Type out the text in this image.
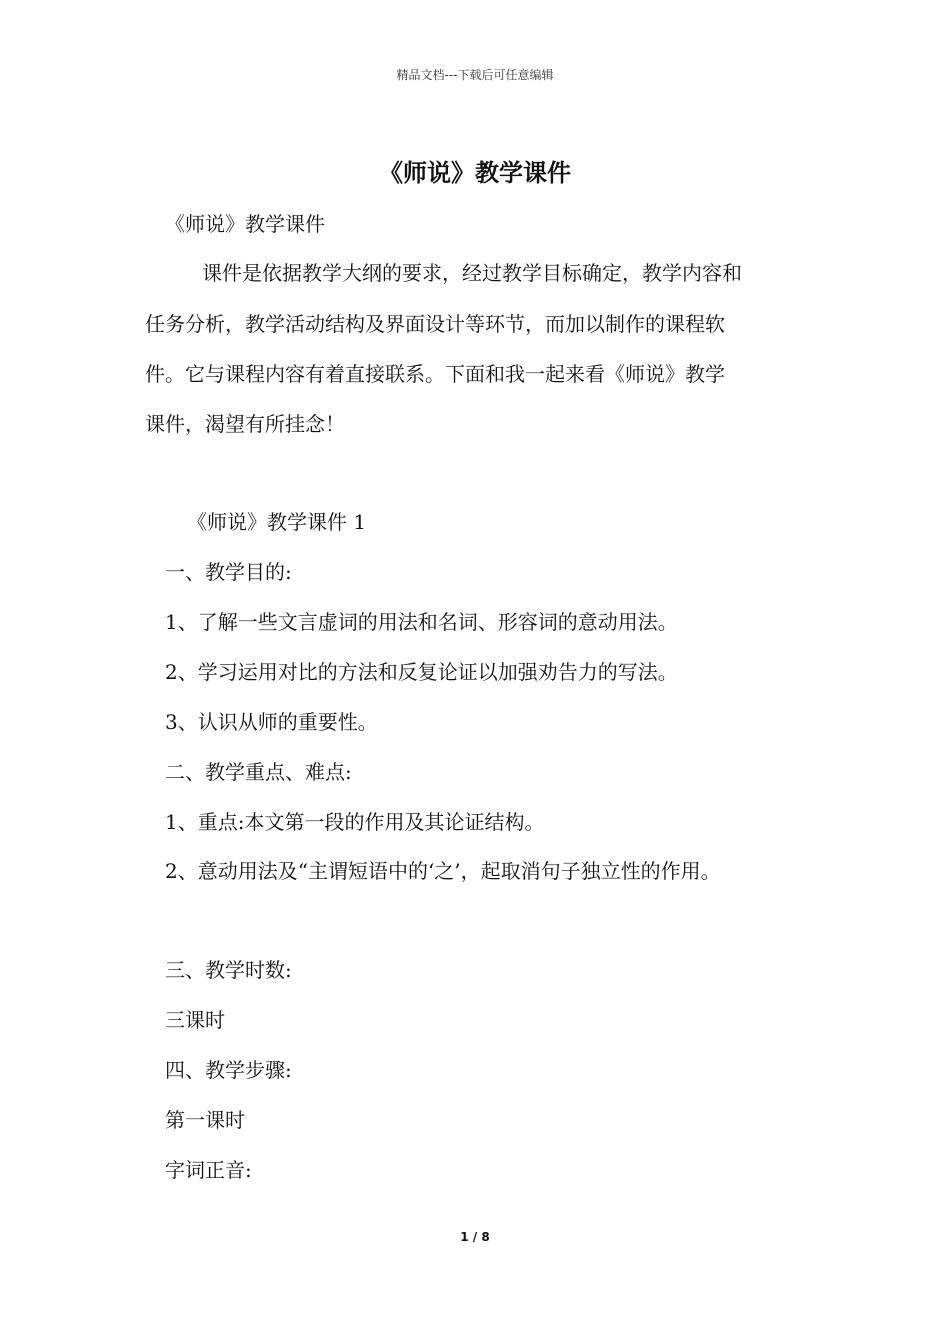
精品文档---下载后可任意编辑
《师说》教学课件
《师说》教学课件
课件是依据教学大纲的要求，经过教学目标确定，教学内容和
任务分析，教学活动结构及界面设计等环节，而加以制作的课程软
件。它与课程内容有着直接联系。下面和我一起来看《师说》教学
课件，渴望有所挂念！
《师说》教学课件 1
一、教学目的:
1、了解一些文言虚词的用法和名词、形容词的意动用法。
2、学习运用对比的方法和反复论证以加强劝告力的写法。
3、认识从师的重要性。
二、教学重点、难点:
1、重点:本文第一段的作用及其论证结构。
2、意动用法及“主谓短语中的‘之’，起取消句子独立性的作用。
三、教学时数:
三课时
四、教学步骤:
第一课时
字词正音:
1 / 8
